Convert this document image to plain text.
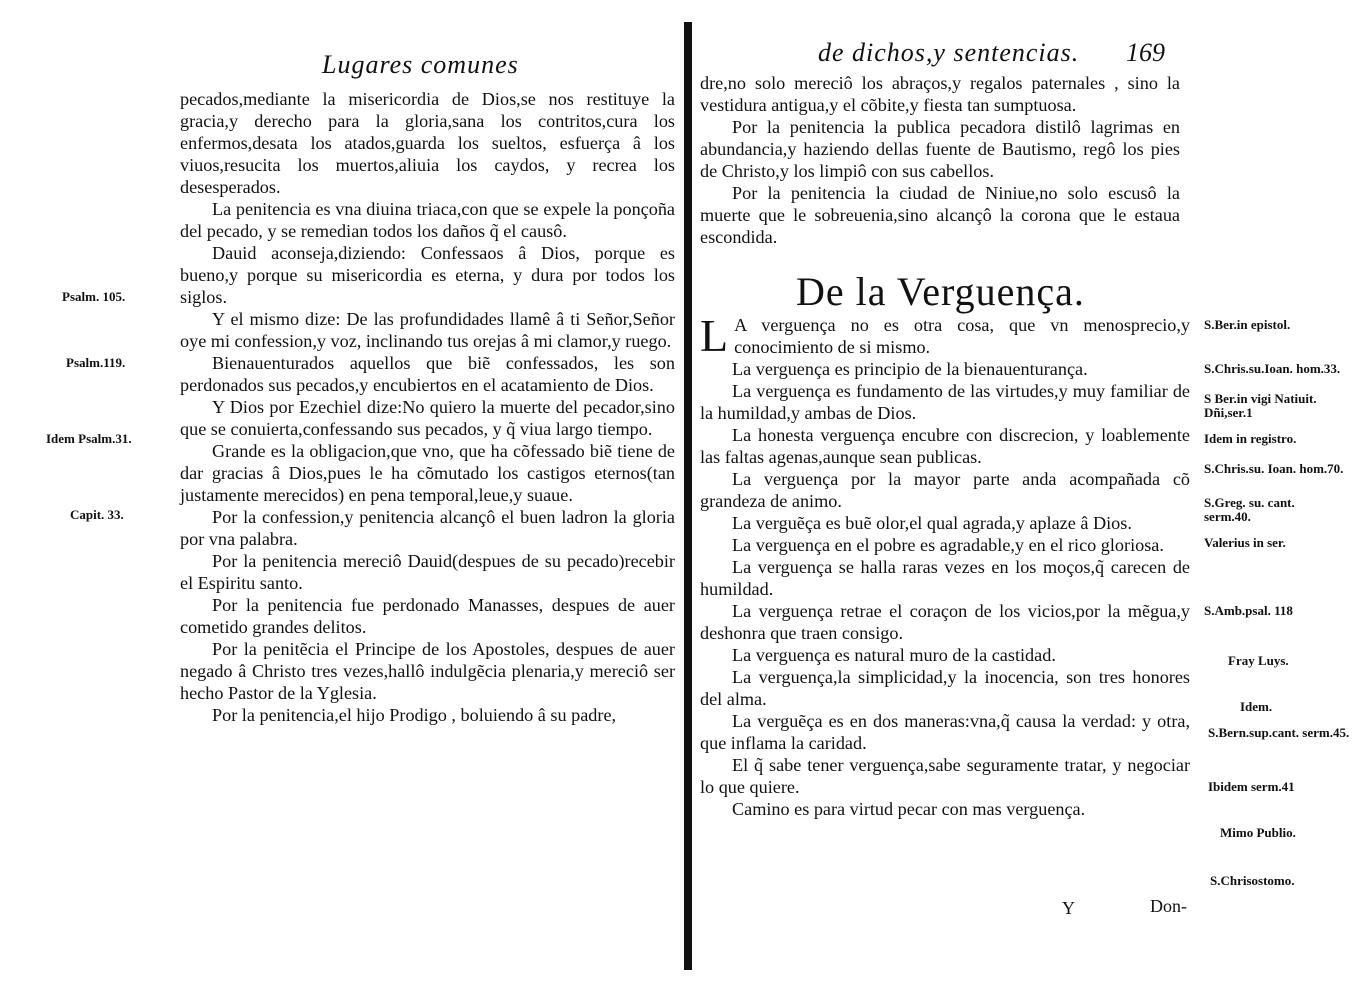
Lugares comunes

pecados,mediante la misericordia de Dios,se nos restituye la gracia,y derecho para la gloria,sana los contritos,cura los enfermos,desata los atados,guarda los sueltos, esfuerça â los viuos,resucita los muertos,aliuia los caydos, y recrea los desesperados.

La penitencia es vna diuina triaca,con que se expele la ponçoña del pecado, y se remedian todos los daños q̃ el causô.

Dauid aconseja,diziendo: Confessaos â Dios, porque es bueno,y porque su misericordia es eterna, y dura por todos los siglos.

Y el mismo dize: De las profundidades llamê â ti Señor,Señor oye mi confession,y voz, inclinando tus orejas â mi clamor,y ruego.

Bienauenturados aquellos que biẽ confessados, les son perdonados sus pecados,y encubiertos en el acatamiento de Dios.

Y Dios por Ezechiel dize:No quiero la muerte del pecador,sino que se conuierta,confessando sus pecados, y q̃ viua largo tiempo.

Grande es la obligacion,que vno, que ha cõfessado biẽ tiene de dar gracias â Dios,pues le ha cõmutado los castigos eternos(tan justamente merecidos) en pena temporal,leue,y suaue.

Por la confession,y penitencia alcançô el buen ladron la gloria por vna palabra.

Por la penitencia mereciô Dauid(despues de su pecado)recebir el Espiritu santo.

Por la penitencia fue perdonado Manasses, despues de auer cometido grandes delitos.

Por la penitẽcia el Principe de los Apostoles, despues de auer negado â Christo tres vezes,hallô indulgẽcia plenaria,y mereciô ser hecho Pastor de la Yglesia.

Por la penitencia,el hijo Prodigo , boluiendo â su padre,

Psalm. 105.
Psalm.119.
Idem Psalm.31.
Capit. 33.
de dichos,y sentencias. 169

dre,no solo mereciô los abraços,y regalos paternales , sino la vestidura antigua,y el cõbite,y fiesta tan sumptuosa.

Por la penitencia la publica pecadora distilô lagrimas en abundancia,y haziendo dellas fuente de Bautismo, regô los pies de Christo,y los limpiô con sus cabellos.

Por la penitencia la ciudad de Niniue,no solo escusô la muerte que le sobreuenia,sino alcançô la corona que le estaua escondida.

De la Verguença.

L A verguença no es otra cosa, que vn menosprecio,y conocimiento de si mismo.

La verguença es principio de la bienauenturança.

La verguença es fundamento de las virtudes,y muy familiar de la humildad,y ambas de Dios.

La honesta verguença encubre con discrecion, y loablemente las faltas agenas,aunque sean publicas.

La verguença por la mayor parte anda acompañada cõ grandeza de animo.

La verguẽça es buẽ olor,el qual agrada,y aplaze â Dios.

La verguença en el pobre es agradable,y en el rico gloriosa.

La verguença se halla raras vezes en los moços,q̃ carecen de humildad.

La verguença retrae el coraçon de los vicios,por la mẽgua,y deshonra que traen consigo.

La verguença es natural muro de la castidad.

La verguença,la simplicidad,y la inocencia, son tres honores del alma.

La verguẽça es en dos maneras:vna,q̃ causa la verdad: y otra, que inflama la caridad.

El q̃ sabe tener verguença,sabe seguramente tratar, y negociar lo que quiere.

Camino es para virtud pecar con mas verguença.

S.Ber.in epistol.
S.Chris.su.Ioan. hom.33.
S Ber.in vigi Natiuit. Dñi,ser.1
Idem in registro.
S.Chris.su. Ioan. hom.70.
S.Greg. su. cant. serm.40.
Valerius in ser.
S.Amb.psal. 118
Fray Luys.
Idem.
S.Bern.sup.cant. serm.45.
Ibidem serm.41
Mimo Publio.
S.Chrisostomo.
Y	Don-
